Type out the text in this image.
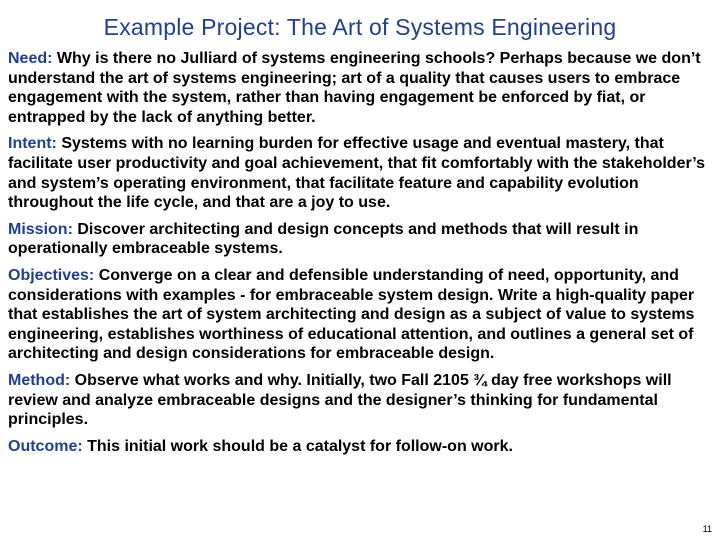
Example Project: The Art of Systems Engineering

Need: Why is there no Julliard of systems engineering schools? Perhaps because we don’t understand the art of systems engineering; art of a quality that causes users to embrace engagement with the system, rather than having engagement be enforced by fiat, or entrapped by the lack of anything better.

Intent: Systems with no learning burden for effective usage and eventual mastery, that facilitate user productivity and goal achievement, that fit comfortably with the stakeholder’s and system’s operating environment, that facilitate feature and capability evolution throughout the life cycle, and that are a joy to use.

Mission: Discover architecting and design concepts and methods that will result in operationally embraceable systems.

Objectives: Converge on a clear and defensible understanding of need, opportunity, and considerations with examples - for embraceable system design. Write a high-quality paper that establishes the art of system architecting and design as a subject of value to systems engineering, establishes worthiness of educational attention, and outlines a general set of architecting and design considerations for embraceable design.

Method: Observe what works and why. Initially, two Fall 2105 ¾ day free workshops will review and analyze embraceable designs and the designer’s thinking for fundamental principles.

Outcome: This initial work should be a catalyst for follow-on work.

11
